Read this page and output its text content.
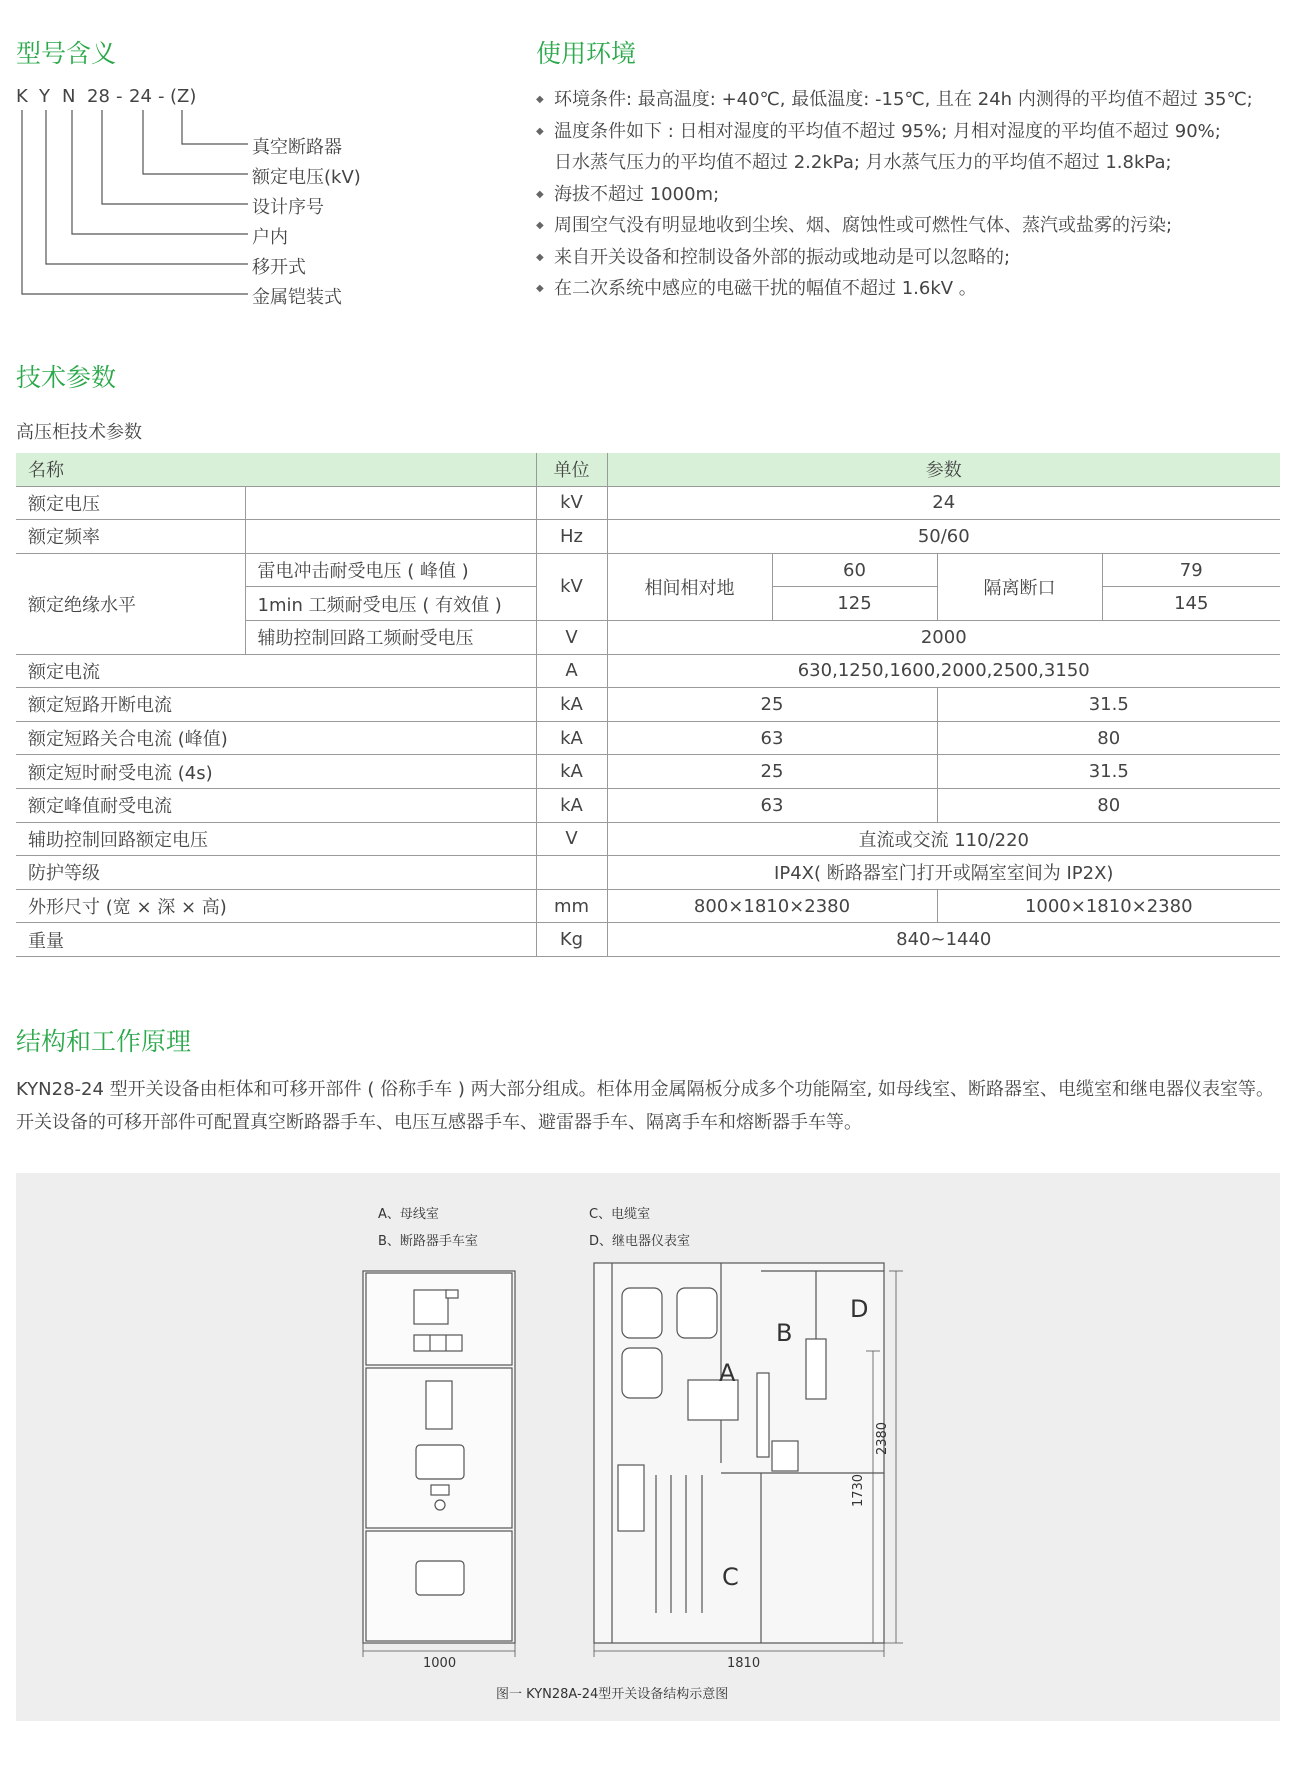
型号含义
K Y N 28 - 24 - (Z)
真空断路器
额定电压(kV)
设计序号
户内
移开式
金属铠装式
使用环境
◆ 环境条件: 最高温度: +40℃, 最低温度: -15℃, 且在 24h 内测得的平均值不超过 35℃;
◆ 温度条件如下 : 日相对湿度的平均值不超过 95%; 月相对湿度的平均值不超过 90%;
日水蒸气压力的平均值不超过 2.2kPa; 月水蒸气压力的平均值不超过 1.8kPa;
◆ 海拔不超过 1000m;
◆ 周围空气没有明显地收到尘埃、烟、腐蚀性或可燃性气体、蒸汽或盐雾的污染;
◆ 来自开关设备和控制设备外部的振动或地动是可以忽略的;
◆ 在二次系统中感应的电磁干扰的幅值不超过 1.6kV 。
技术参数
高压柜技术参数
名称		单位	参数			
额定电压		kV	24			
额定频率		Hz	50/60			
额定绝缘水平	雷电冲击耐受电压 ( 峰值 )	kV	相间相对地	60	隔离断口	79
	1min 工频耐受电压 ( 有效值 )			125		145
	辅助控制回路工频耐受电压	V	2000			
额定电流		A	630,1250,1600,2000,2500,3150			
额定短路开断电流		kA	25		31.5	
额定短路关合电流 (峰值)		kA	63		80	
额定短时耐受电流 (4s)		kA	25		31.5	
额定峰值耐受电流		kA	63		80	
辅助控制回路额定电压		V	直流或交流 110/220			
防护等级			IP4X( 断路器室门打开或隔室室间为 IP2X)			
外形尺寸 (宽 × 深 × 高)		mm	800×1810×2380		1000×1810×2380	
重量		Kg	840~1440			
结构和工作原理
KYN28-24 型开关设备由柜体和可移开部件 ( 俗称手车 ) 两大部分组成。柜体用金属隔板分成多个功能隔室, 如母线室、断路器室、电缆室和继电器仪表室等。
开关设备的可移开部件可配置真空断路器手车、电压互感器手车、避雷器手车、隔离手车和熔断器手车等。
A、母线室
B、断路器手车室
C、电缆室
D、继电器仪表室
1000	1810
1730
2380
A
B
C
D
图一 KYN28A-24型开关设备结构示意图
